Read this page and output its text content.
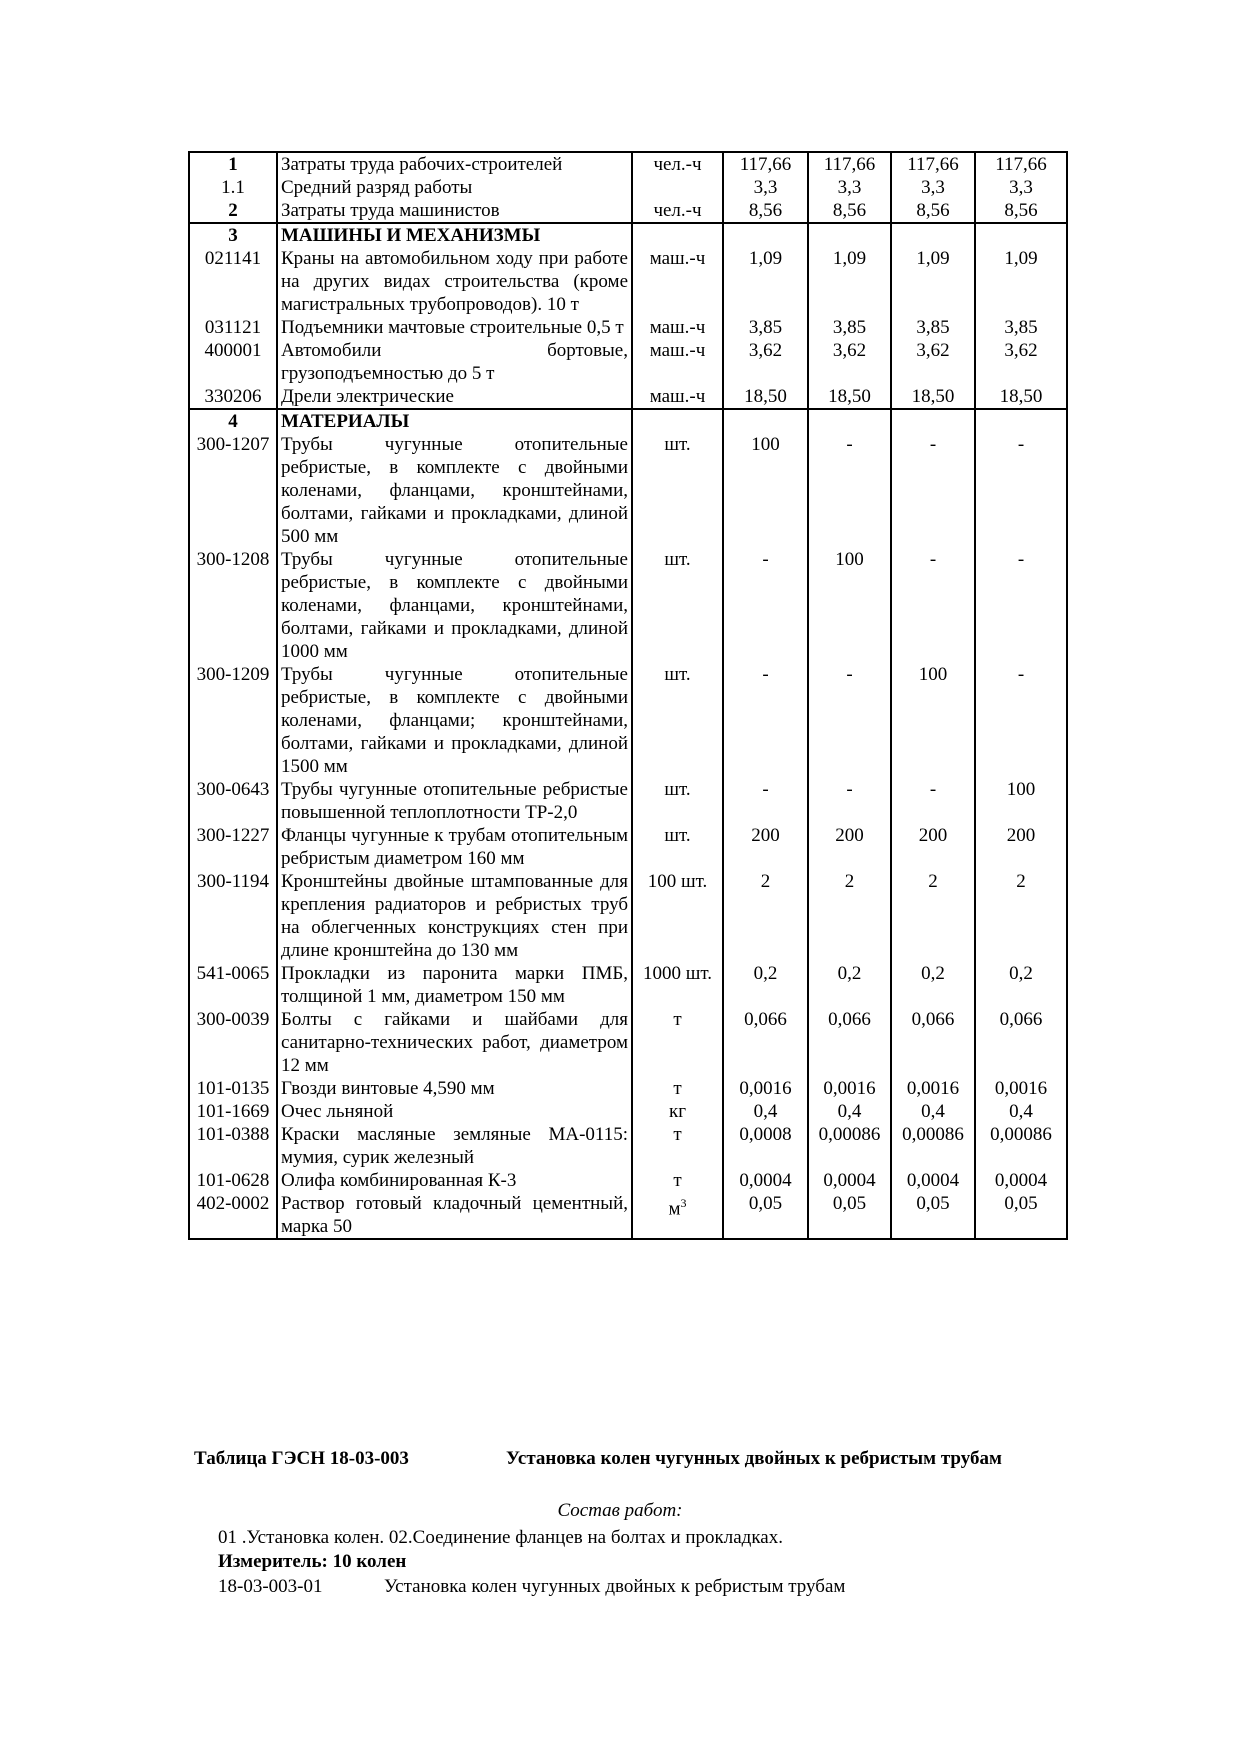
1	Затраты труда рабочих-строителей	чел.-ч	117,66	117,66	117,66	117,66
1.1	Средний разряд работы		3,3	3,3	3,3	3,3
2	Затраты труда машинистов	чел.-ч	8,56	8,56	8,56	8,56
3	МАШИНЫ И МЕХАНИЗМЫ					
021141	Краны на автомобильном ходу при работе на других видах строительства (кроме магистральных трубопроводов). 10 т	маш.-ч	1,09	1,09	1,09	1,09
031121	Подъемники мачтовые строительные 0,5 т	маш.-ч	3,85	3,85	3,85	3,85
400001	Автомобили бортовые, грузоподъемностью до 5 т	маш.-ч	3,62	3,62	3,62	3,62
330206	Дрели электрические	маш.-ч	18,50	18,50	18,50	18,50
4	МАТЕРИАЛЫ					
300-1207	Трубы чугунные отопительные ребристые, в комплекте с двойными коленами, фланцами, кронштейнами, болтами, гайками и прокладками, длиной 500 мм	шт.	100	-	-	-
300-1208	Трубы чугунные отопительные ребристые, в комплекте с двойными коленами, фланцами, кронштейнами, болтами, гайками и прокладками, длиной 1000 мм	шт.	-	100	-	-
300-1209	Трубы чугунные отопительные ребристые, в комплекте с двойными коленами, фланцами; кронштейнами, болтами, гайками и прокладками, длиной 1500 мм	шт.	-	-	100	-
300-0643	Трубы чугунные отопительные ребристые повышенной теплоплотности ТР-2,0	шт.	-	-	-	100
300-1227	Фланцы чугунные к трубам отопительным ребристым диаметром 160 мм	шт.	200	200	200	200
300-1194	Кронштейны двойные штампованные для крепления радиаторов и ребристых труб на облегченных конструкциях стен при длине кронштейна до 130 мм	100 шт.	2	2	2	2
541-0065	Прокладки из паронита марки ПМБ, толщиной 1 мм, диаметром 150 мм	1000 шт.	0,2	0,2	0,2	0,2
300-0039	Болты с гайками и шайбами для санитарно-технических работ, диаметром 12 мм	т	0,066	0,066	0,066	0,066
101-0135	Гвозди винтовые 4,590 мм	т	0,0016	0,0016	0,0016	0,0016
101-1669	Очес льняной	кг	0,4	0,4	0,4	0,4
101-0388	Краски масляные земляные МА-0115: мумия, сурик железный	т	0,0008	0,00086	0,00086	0,00086
101-0628	Олифа комбинированная К-3	т	0,0004	0,0004	0,0004	0,0004
402-0002	Раствор готовый кладочный цементный, марка 50	$м^3$	0,05	0,05	0,05	0,05
Таблица ГЭСН 18-03-003	Установка колен чугунных двойных к ребристым трубам
Состав работ:
01 .Установка колен. 02.Соединение фланцев на болтах и прокладках.
Измеритель: 10 колен
18-03-003-01	Установка колен чугунных двойных к ребристым трубам
